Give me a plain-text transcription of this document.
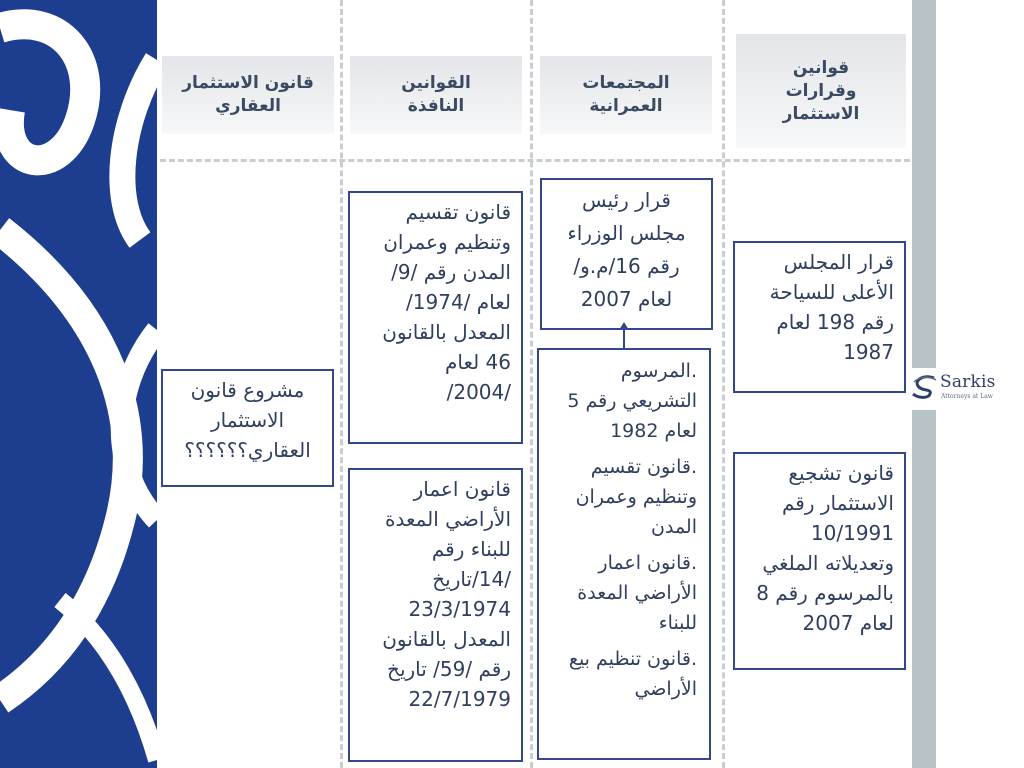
قانون الاستثمار
العقاري
القوانين
النافذة
المجتمعات
العمرانية
قوانين
وقرارات
الاستثمار
مشروع قانون
الاستثمار
العقاري؟؟؟؟؟؟
قانون تقسيم
وتنظيم وعمران
المدن رقم /9/
لعام /1974/
المعدل بالقانون
46 لعام
/2004/
قانون اعمار
الأراضي المعدة
للبناء رقم
/14/تاريخ
23/3/1974
المعدل بالقانون
رقم /59/ تاريخ
22/7/1979
قرار رئيس
مجلس الوزراء
رقم 16/م.و/
لعام 2007
.المرسوم التشريعي رقم 5 لعام 1982
.قانون تقسيم وتنظيم وعمران المدن
.قانون اعمار الأراضي المعدة للبناء
.قانون تنظيم بيع الأراضي
قرار المجلس
الأعلى للسياحة
رقم 198 لعام
1987
قانون تشجيع
الاستثمار رقم
10/1991
وتعديلاته الملغي
بالمرسوم رقم 8
لعام 2007
Sarkis
Attorneys at Law
